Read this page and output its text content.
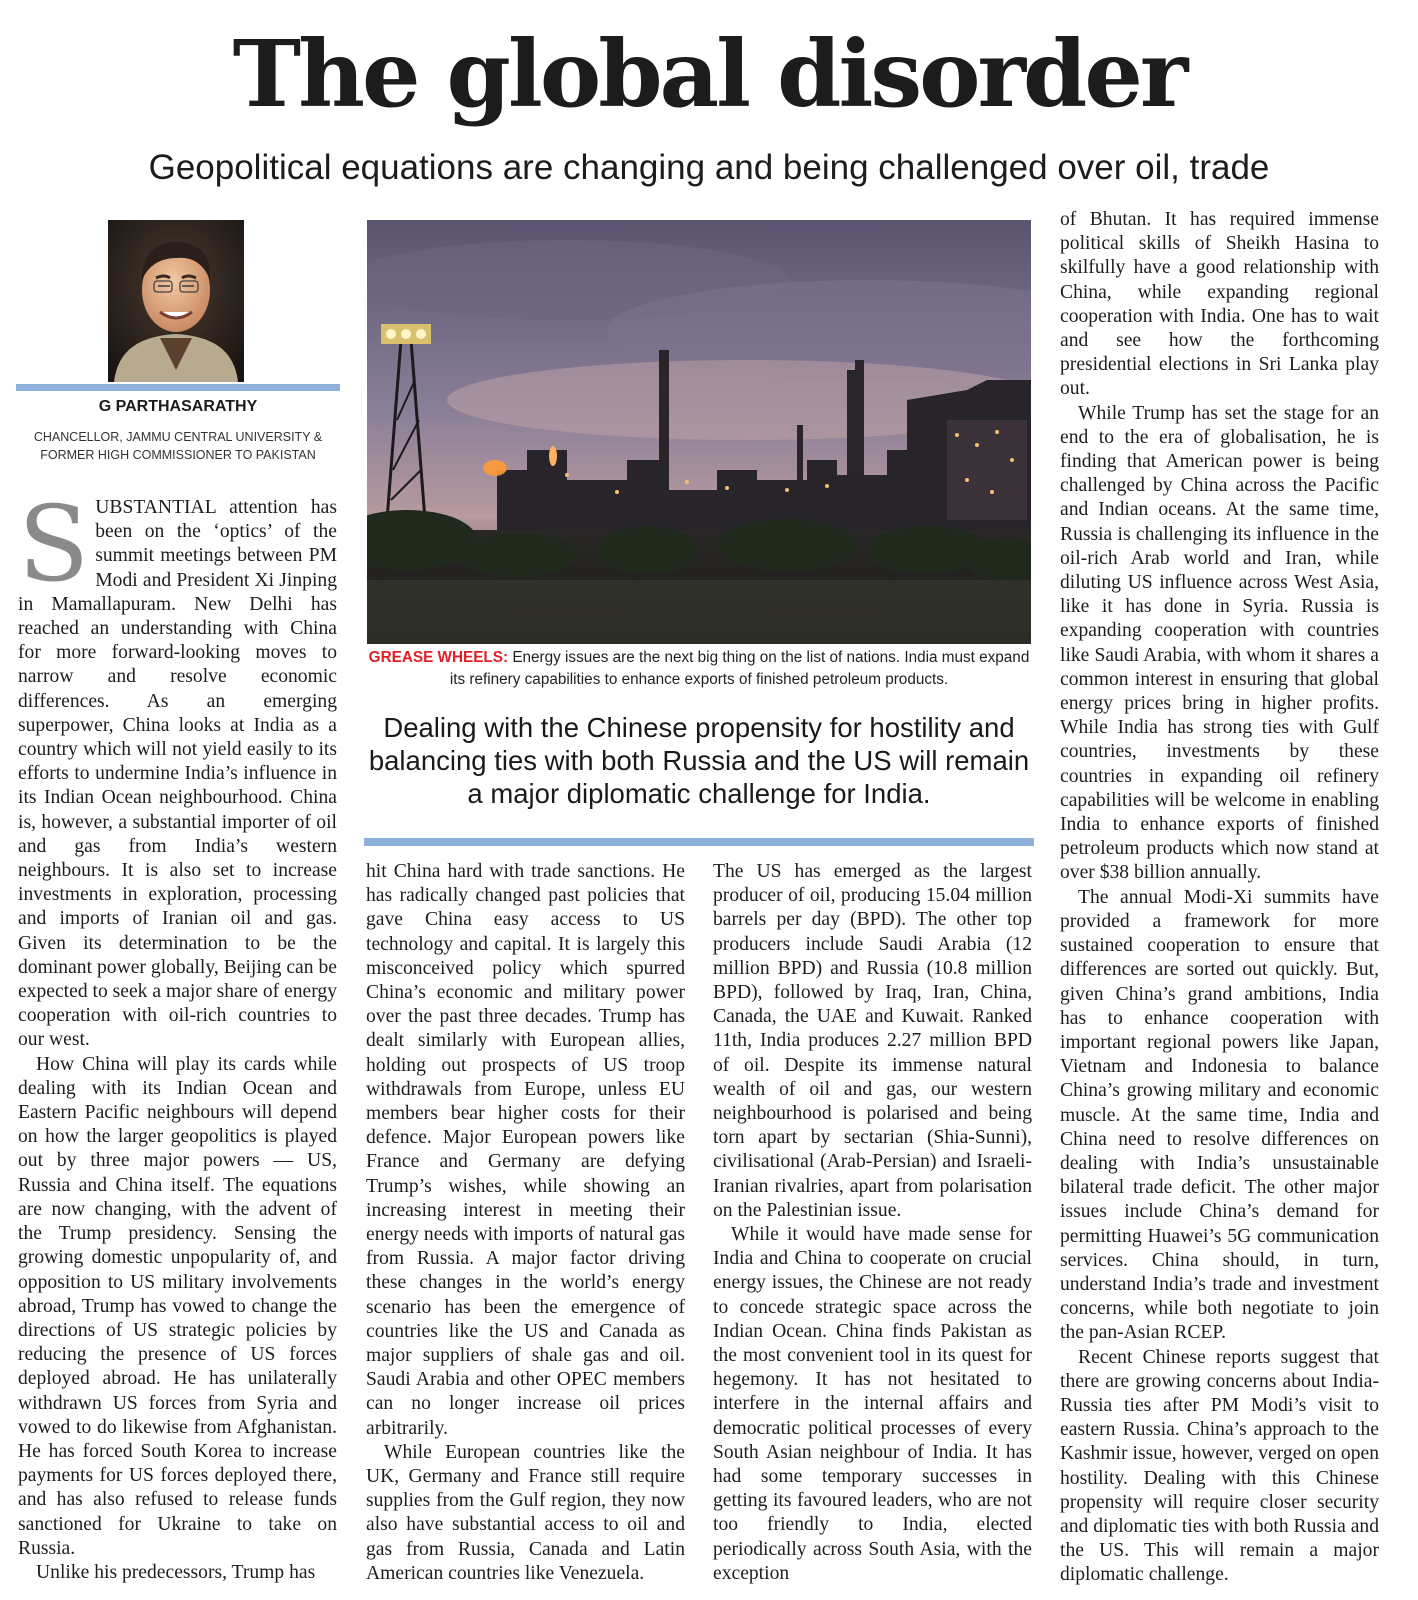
The global disorder
Geopolitical equations are changing and being challenged over oil, trade
G PARTHASARATHY
CHANCELLOR, JAMMU CENTRAL UNIVERSITY &
FORMER HIGH COMMISSIONER TO PAKISTAN

SUBSTANTIAL attention has been on the ‘optics’ of the summit meetings between PM Modi and President Xi Jinping in Mamallapuram. New Delhi has reached an understanding with China for more forward-looking moves to narrow and resolve economic differences. As an emerging superpower, China looks at India as a country which will not yield easily to its efforts to undermine India’s influence in its Indian Ocean neighbourhood. China is, however, a substantial importer of oil and gas from India’s western neighbours. It is also set to increase investments in exploration, processing and imports of Iranian oil and gas. Given its determination to be the dominant power globally, Beijing can be expected to seek a major share of energy cooperation with oil-rich countries to our west.

How China will play its cards while dealing with its Indian Ocean and Eastern Pacific neighbours will depend on how the larger geopolitics is played out by three major powers — US, Russia and China itself. The equations are now changing, with the advent of the Trump presidency. Sensing the growing domestic unpopularity of, and opposition to US military involvements abroad, Trump has vowed to change the directions of US strategic policies by reducing the presence of US forces deployed abroad. He has unilaterally withdrawn US forces from Syria and vowed to do likewise from Afghanistan. He has forced South Korea to increase payments for US forces deployed there, and has also refused to release funds sanctioned for Ukraine to take on Russia.

Unlike his predecessors, Trump has

GREASE WHEELS: Energy issues are the next big thing on the list of nations. India must expand its refinery capabilities to enhance exports of finished petroleum products.
Dealing with the Chinese propensity for hostility and balancing ties with both Russia and the US will remain a major diplomatic challenge for India.

hit China hard with trade sanctions. He has radically changed past policies that gave China easy access to US technology and capital. It is largely this misconceived policy which spurred China’s economic and military power over the past three decades. Trump has dealt similarly with European allies, holding out prospects of US troop withdrawals from Europe, unless EU members bear higher costs for their defence. Major European powers like France and Germany are defying Trump’s wishes, while showing an increasing interest in meeting their energy needs with imports of natural gas from Russia. A major factor driving these changes in the world’s energy scenario has been the emergence of countries like the US and Canada as major suppliers of shale gas and oil. Saudi Arabia and other OPEC members can no longer increase oil prices arbitrarily.

While European countries like the UK, Germany and France still require supplies from the Gulf region, they now also have substantial access to oil and gas from Russia, Canada and Latin American countries like Venezuela.

The US has emerged as the largest producer of oil, producing 15.04 million barrels per day (BPD). The other top producers include Saudi Arabia (12 million BPD) and Russia (10.8 million BPD), followed by Iraq, Iran, China, Canada, the UAE and Kuwait. Ranked 11th, India produces 2.27 million BPD of oil. Despite its immense natural wealth of oil and gas, our western neighbourhood is polarised and being torn apart by sectarian (Shia-Sunni), civilisational (Arab-Persian) and Israeli-Iranian rivalries, apart from polarisation on the Palestinian issue.

While it would have made sense for India and China to cooperate on crucial energy issues, the Chinese are not ready to concede strategic space across the Indian Ocean. China finds Pakistan as the most convenient tool in its quest for hegemony. It has not hesitated to interfere in the internal affairs and democratic political processes of every South Asian neighbour of India. It has had some temporary successes in getting its favoured leaders, who are not too friendly to India, elected periodically across South Asia, with the exception

of Bhutan. It has required immense political skills of Sheikh Hasina to skilfully have a good relationship with China, while expanding regional cooperation with India. One has to wait and see how the forthcoming presidential elections in Sri Lanka play out.

While Trump has set the stage for an end to the era of globalisation, he is finding that American power is being challenged by China across the Pacific and Indian oceans. At the same time, Russia is challenging its influence in the oil-rich Arab world and Iran, while diluting US influence across West Asia, like it has done in Syria. Russia is expanding cooperation with countries like Saudi Arabia, with whom it shares a common interest in ensuring that global energy prices bring in higher profits. While India has strong ties with Gulf countries, investments by these countries in expanding oil refinery capabilities will be welcome in enabling India to enhance exports of finished petroleum products which now stand at over $38 billion annually.

The annual Modi-Xi summits have provided a framework for more sustained cooperation to ensure that differences are sorted out quickly. But, given China’s grand ambitions, India has to enhance cooperation with important regional powers like Japan, Vietnam and Indonesia to balance China’s growing military and economic muscle. At the same time, India and China need to resolve differences on dealing with India’s unsustainable bilateral trade deficit. The other major issues include China’s demand for permitting Huawei’s 5G communication services. China should, in turn, understand India’s trade and investment concerns, while both negotiate to join the pan-Asian RCEP.

Recent Chinese reports suggest that there are growing concerns about India-Russia ties after PM Modi’s visit to eastern Russia. China’s approach to the Kashmir issue, however, verged on open hostility. Dealing with this Chinese propensity will require closer security and diplomatic ties with both Russia and the US. This will remain a major diplomatic challenge.
